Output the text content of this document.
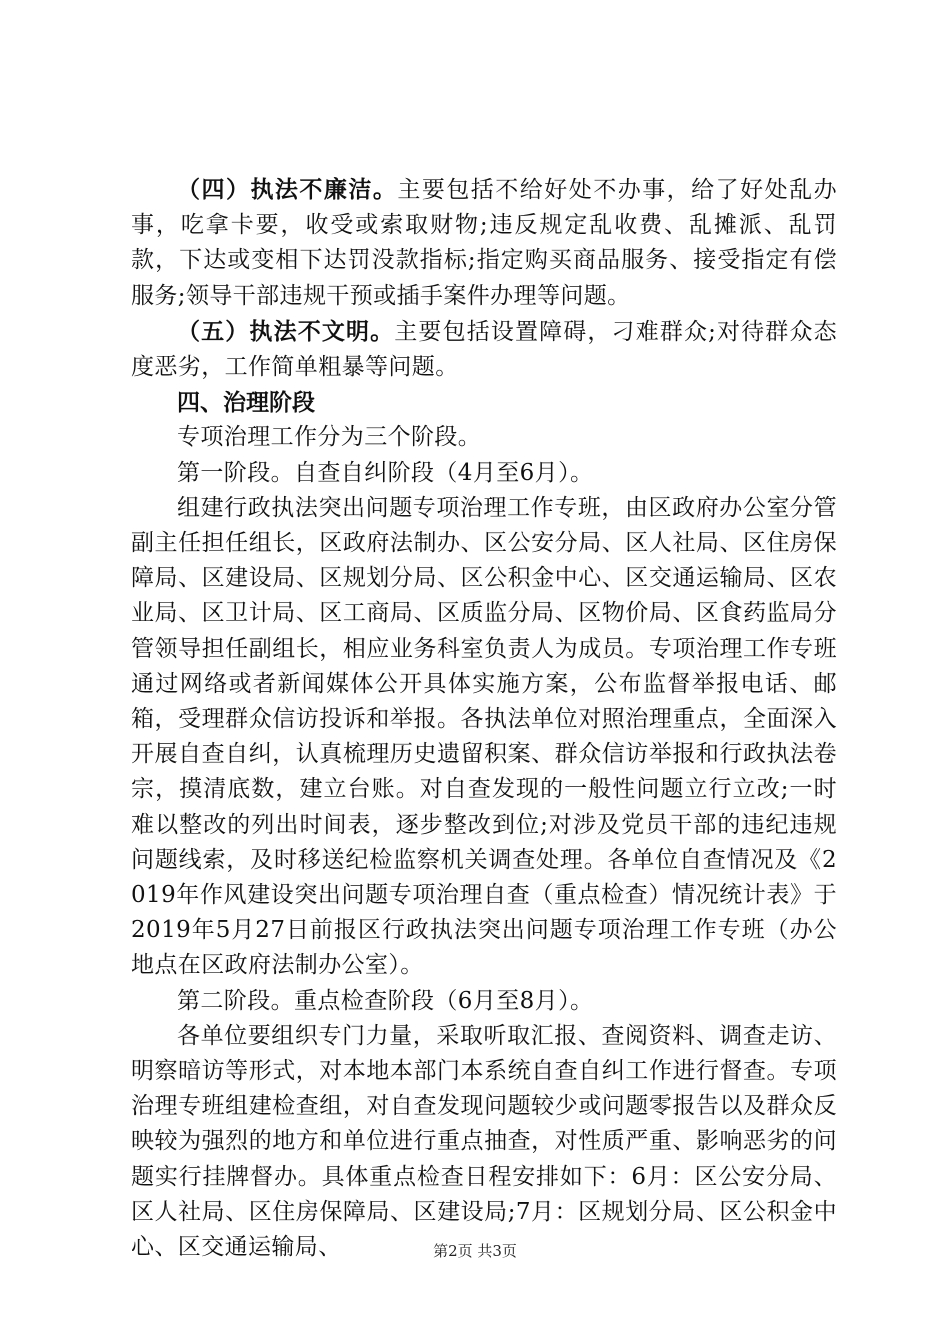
（四）执法不廉洁。主要包括不给好处不办事，给了好处乱办事，吃拿卡要，收受或索取财物;违反规定乱收费、乱摊派、乱罚款，下达或变相下达罚没款指标;指定购买商品服务、接受指定有偿服务;领导干部违规干预或插手案件办理等问题。

（五）执法不文明。主要包括设置障碍，刁难群众;对待群众态度恶劣，工作简单粗暴等问题。

四、治理阶段

专项治理工作分为三个阶段。

第一阶段。自查自纠阶段（4月至6月）。

组建行政执法突出问题专项治理工作专班，由区政府办公室分管副主任担任组长，区政府法制办、区公安分局、区人社局、区住房保障局、区建设局、区规划分局、区公积金中心、区交通运输局、区农业局、区卫计局、区工商局、区质监分局、区物价局、区食药监局分管领导担任副组长，相应业务科室负责人为成员。专项治理工作专班通过网络或者新闻媒体公开具体实施方案，公布监督举报电话、邮箱，受理群众信访投诉和举报。各执法单位对照治理重点，全面深入开展自查自纠，认真梳理历史遗留积案、群众信访举报和行政执法卷宗，摸清底数，建立台账。对自查发现的一般性问题立行立改;一时难以整改的列出时间表，逐步整改到位;对涉及党员干部的违纪违规问题线索，及时移送纪检监察机关调查处理。各单位自查情况及《2019年作风建设突出问题专项治理自查（重点检查）情况统计表》于2019年5月27日前报区行政执法突出问题专项治理工作专班（办公地点在区政府法制办公室）。

第二阶段。重点检查阶段（6月至8月）。

各单位要组织专门力量，采取听取汇报、查阅资料、调查走访、明察暗访等形式，对本地本部门本系统自查自纠工作进行督查。专项治理专班组建检查组，对自查发现问题较少或问题零报告以及群众反映较为强烈的地方和单位进行重点抽查，对性质严重、影响恶劣的问题实行挂牌督办。具体重点检查日程安排如下：6月：区公安分局、区人社局、区住房保障局、区建设局;7月：区规划分局、区公积金中心、区交通运输局、	第2页 共3页
